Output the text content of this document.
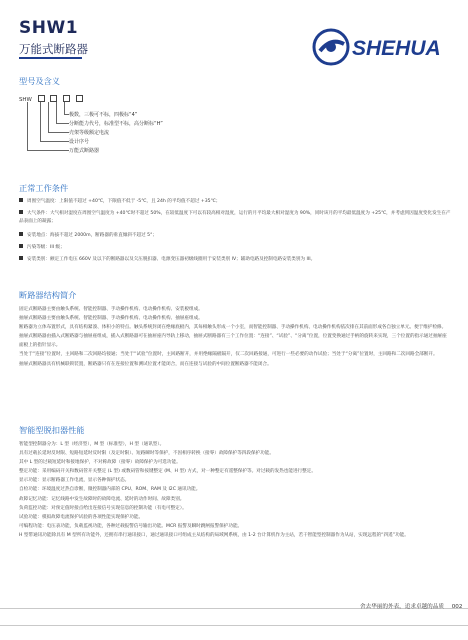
SHW1
万能式断路器	SHEHUA
型号及含义
SHW
极数，三极可不标，四极标“4”
分断能力代号，标准型不标，高分断标“H”
壳架等级额定电流
设计序号
万能式断路器
正常工作条件
周围空气温度：上限值不超过 +40℃，下限值不低于 -5℃，且 24h 的平均值不超过 +35℃；
大气条件：大气相对湿度在周围空气温度为 +40℃时不超过 50%，在较低温度下可以有较高相对湿度，运行的月平均最大相对湿度为 90%，同时该月的平均最低温度为 +25℃，并考虑到因温度变化发生在产品表面上的凝露；
安装地点：海拔不超过 2000m，断路器的垂直倾斜不超过 5°；
污染等级：III 级；
安装类别：额定工作电压 660V 及以下的断路器以及欠压脱扣器、电源变压器初级线圈用于安装类别 IV；辅助电路及控制电路安装类别为 III。
断路器结构简介

固定式断路器主要由触头系统、智能控制器、手动操作机构、电动操作机构、安装板组成。

抽屉式断路器主要由触头系统、智能控制器、手动操作机构、电动操作机构、抽屉座组成。

断路器为立体布置形式，具有结构紧凑、体积小的特点。触头系统封闭在绝缘底板内，其每相触头形成一个小室，而智能控制器、手动操作机构、电动操作机构依次排在其前面形成各自独立单元。便于维护检修。

抽屉式断路器由插入式断路器与抽屉座组成，插入式断路器可在抽屉座内导轨上移动，抽屉式断路器有三个工作位置：“连接”、“试验”、“分离”位置，位置变换通过手柄的旋转来实现，三个位置的指示通过抽屉座面板上的指针显示。

当处于“连接”位置时，主回路和二次回路均接通；当处于“试验”位置时，主回路断开，并用绝缘隔板隔开，仅二次回路接通，可进行一些必要的动作试验；当处于“分离”位置时，主回路和二次回路全部断开。

抽屉式断路器具有机械联锁装置，断路器只有在连接位置和测试位置才能闭合，而在连接与试验的中间位置断路器不能闭合。

智能型脱扣器性能

智能型控制器分为：L 型（经济型），M 型（标准型），H 型（通讯型）。

具有过载长延时反时限、短路短延时反时限（及定时限）、短路瞬时等保护，不因相序转换（接零）故障保护等四段保护功能。

其中 L 型的过载短延时和接地保护，不对称故障（接零）故障保护为可选功能。

整定功能：采用编码开关和数码管开关整定 (L 型) 或数码管和按键整定 (M、H 型) 方式，对一种整定有遥整保护等。对过载的发热也能进行整定。

显示功能：显示断路器工作电流，显示各种保护状态。

自检功能：环境温度过热自诊断，微控制器内部的 CPU、ROM、RAM 及 I2C 通讯功能。

故障记忆功能：记忆线路中发生故障时的故障电流、延时的动作时间、故障类别。

负荷监控功能：对预定值时接点给出连接信号实现信息的控制功能（有电可整定）。

试验功能：模拟故障电流保护试验的各项性能实现保护功能。

可编程功能：电压表功能，负载监视功能，各种过载报警信号输出功能。MCR 报警及瞬时跳闸报警保护功能。

H 型带通讯功能除具有 M 型所有功能外，还拥有串行通讯接口，通过通讯接口可组成主从结构的局域网系统，由 1-2 台计算机作为主站，若干智能型控制器作为从站，实现远程的“四遥”功能。

舍去华丽的外表，追求卓越的品质 002
